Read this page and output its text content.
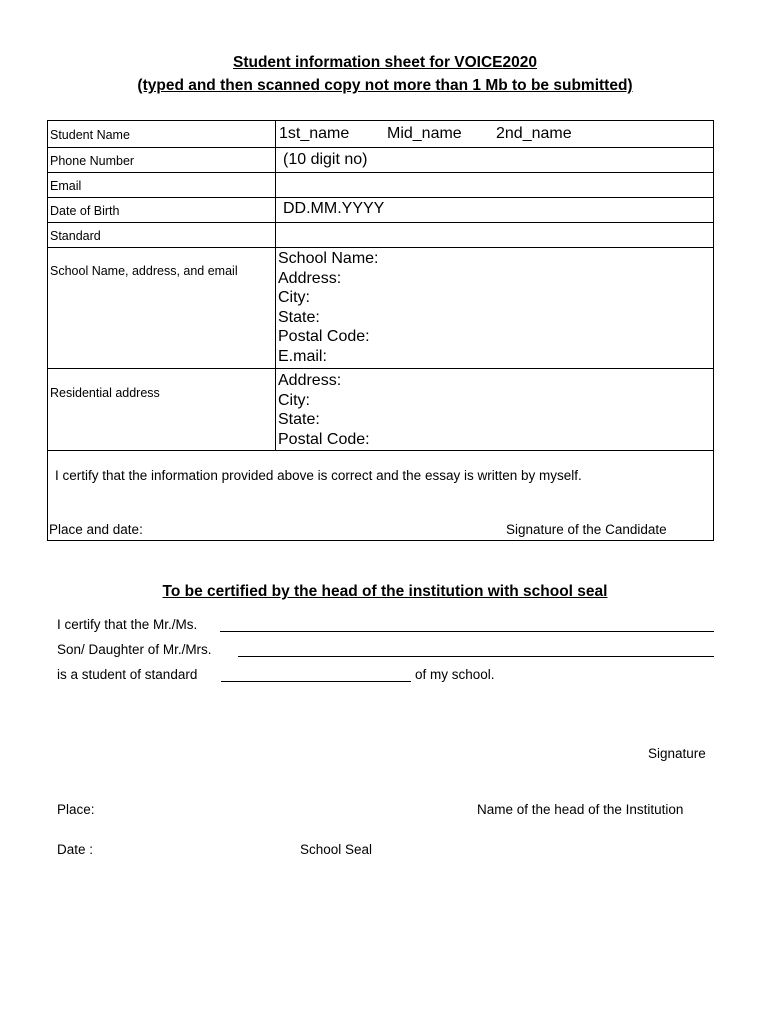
Student information sheet for VOICE2020
(typed and then scanned copy not more than 1 Mb to be submitted)
Student Name	1st_name Mid_name 2nd_name
Phone Number	(10 digit no)
Email
Date of Birth	DD.MM.YYYY
Standard
School Name, address, and email
School Name:
Address:
City:
State:
Postal Code:
E.mail:
Residential address
Address:
City:
State:
Postal Code:
I certify that the information provided above is correct and the essay is written by myself.
Place and date:	Signature of the Candidate
To be certified by the head of the institution with school seal
I certify that the Mr./Ms.
Son/ Daughter of Mr./Mrs.
is a student of standard	of my school.
Signature
Place:	Name of the head of the Institution
Date :	School Seal
